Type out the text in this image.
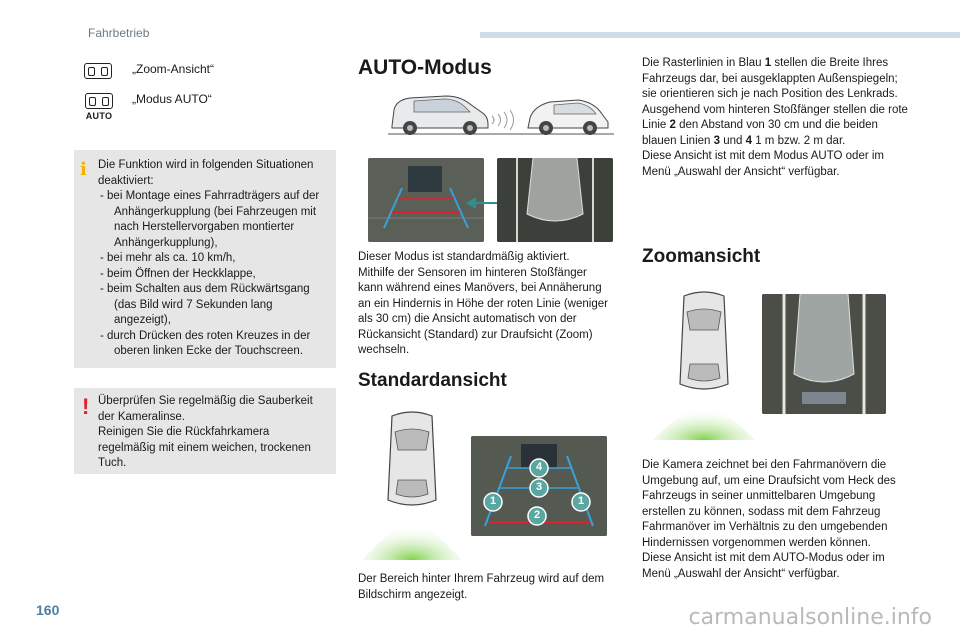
Fahrbetrieb
„Zoom-Ansicht“
AUTO
„Modus AUTO“
i Die Funktion wird in folgenden Situationen deaktiviert:

- bei Montage eines Fahrradträgers auf der Anhängerkupplung (bei Fahrzeugen mit nach Herstellervorgaben montierter Anhängerkupplung),
- bei mehr als ca. 10 km/h,
- beim Öffnen der Heckklappe,
- beim Schalten aus dem Rückwärtsgang (das Bild wird 7 Sekunden lang angezeigt),
- durch Drücken des roten Kreuzes in der oberen linken Ecke der Touchscreen.
! Überprüfen Sie regelmäßig die Sauberkeit der Kameralinse.

Reinigen Sie die Rückfahrkamera regelmäßig mit einem weichen, trockenen Tuch.

AUTO-Modus
Dieser Modus ist standardmäßig aktiviert. Mithilfe der Sensoren im hinteren Stoßfänger kann während eines Manövers, bei Annäherung an ein Hindernis in Höhe der roten Linie (weniger als 30 cm) die Ansicht automatisch von der Rückansicht (Standard) zur Draufsicht (Zoom) wechseln.
Standardansicht
4
3
1	1
2
Der Bereich hinter Ihrem Fahrzeug wird auf dem Bildschirm angezeigt.
Die Rasterlinien in Blau 1 stellen die Breite Ihres Fahrzeugs dar, bei ausgeklappten Außenspiegeln; sie orientieren sich je nach Position des Lenkrads.
Ausgehend vom hinteren Stoßfänger stellen die rote Linie 2 den Abstand von 30 cm und die beiden blauen Linien 3 und 4 1 m bzw. 2 m dar.
Diese Ansicht ist mit dem Modus AUTO oder im Menü „Auswahl der Ansicht“ verfügbar.
Zoomansicht

Die Kamera zeichnet bei den Fahrmanövern die Umgebung auf, um eine Draufsicht vom Heck des Fahrzeugs in seiner unmittelbaren Umgebung erstellen zu können, sodass mit dem Fahrzeug Fahrmanöver im Verhältnis zu den umgebenden Hindernissen vorgenommen werden können.

Diese Ansicht ist mit dem AUTO-Modus oder im Menü „Auswahl der Ansicht“ verfügbar.

160	carmanualsonline.info
